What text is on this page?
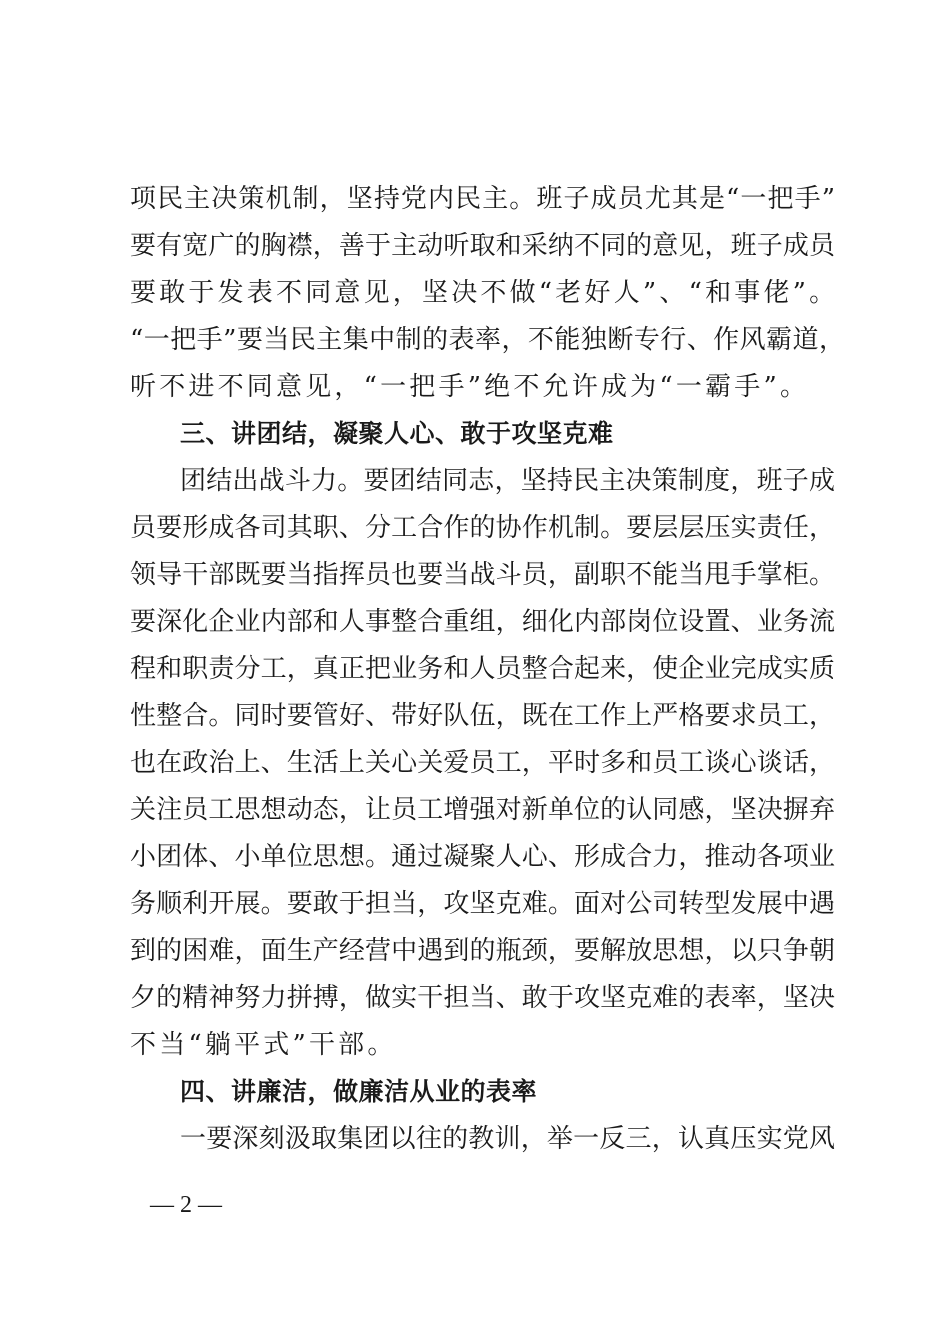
项民主决策机制，坚持党内民主。班子成员尤其是“一把手”
要有宽广的胸襟，善于主动听取和采纳不同的意见，班子成员
要敢于发表不同意见，坚决不做“老好人”、“和事佬”。
“一把手”要当民主集中制的表率，不能独断专行、作风霸道，
听不进不同意见，“一把手”绝不允许成为“一霸手”。
三、讲团结，凝聚人心、敢于攻坚克难
团结出战斗力。要团结同志，坚持民主决策制度，班子成
员要形成各司其职、分工合作的协作机制。要层层压实责任，
领导干部既要当指挥员也要当战斗员，副职不能当甩手掌柜。
要深化企业内部和人事整合重组，细化内部岗位设置、业务流
程和职责分工，真正把业务和人员整合起来，使企业完成实质
性整合。同时要管好、带好队伍，既在工作上严格要求员工，
也在政治上、生活上关心关爱员工，平时多和员工谈心谈话，
关注员工思想动态，让员工增强对新单位的认同感，坚决摒弃
小团体、小单位思想。通过凝聚人心、形成合力，推动各项业
务顺利开展。要敢于担当，攻坚克难。面对公司转型发展中遇
到的困难，面生产经营中遇到的瓶颈，要解放思想，以只争朝
夕的精神努力拼搏，做实干担当、敢于攻坚克难的表率，坚决
不当“躺平式”干部。
四、讲廉洁，做廉洁从业的表率
一要深刻汲取集团以往的教训，举一反三，认真压实党风
— 2 —
